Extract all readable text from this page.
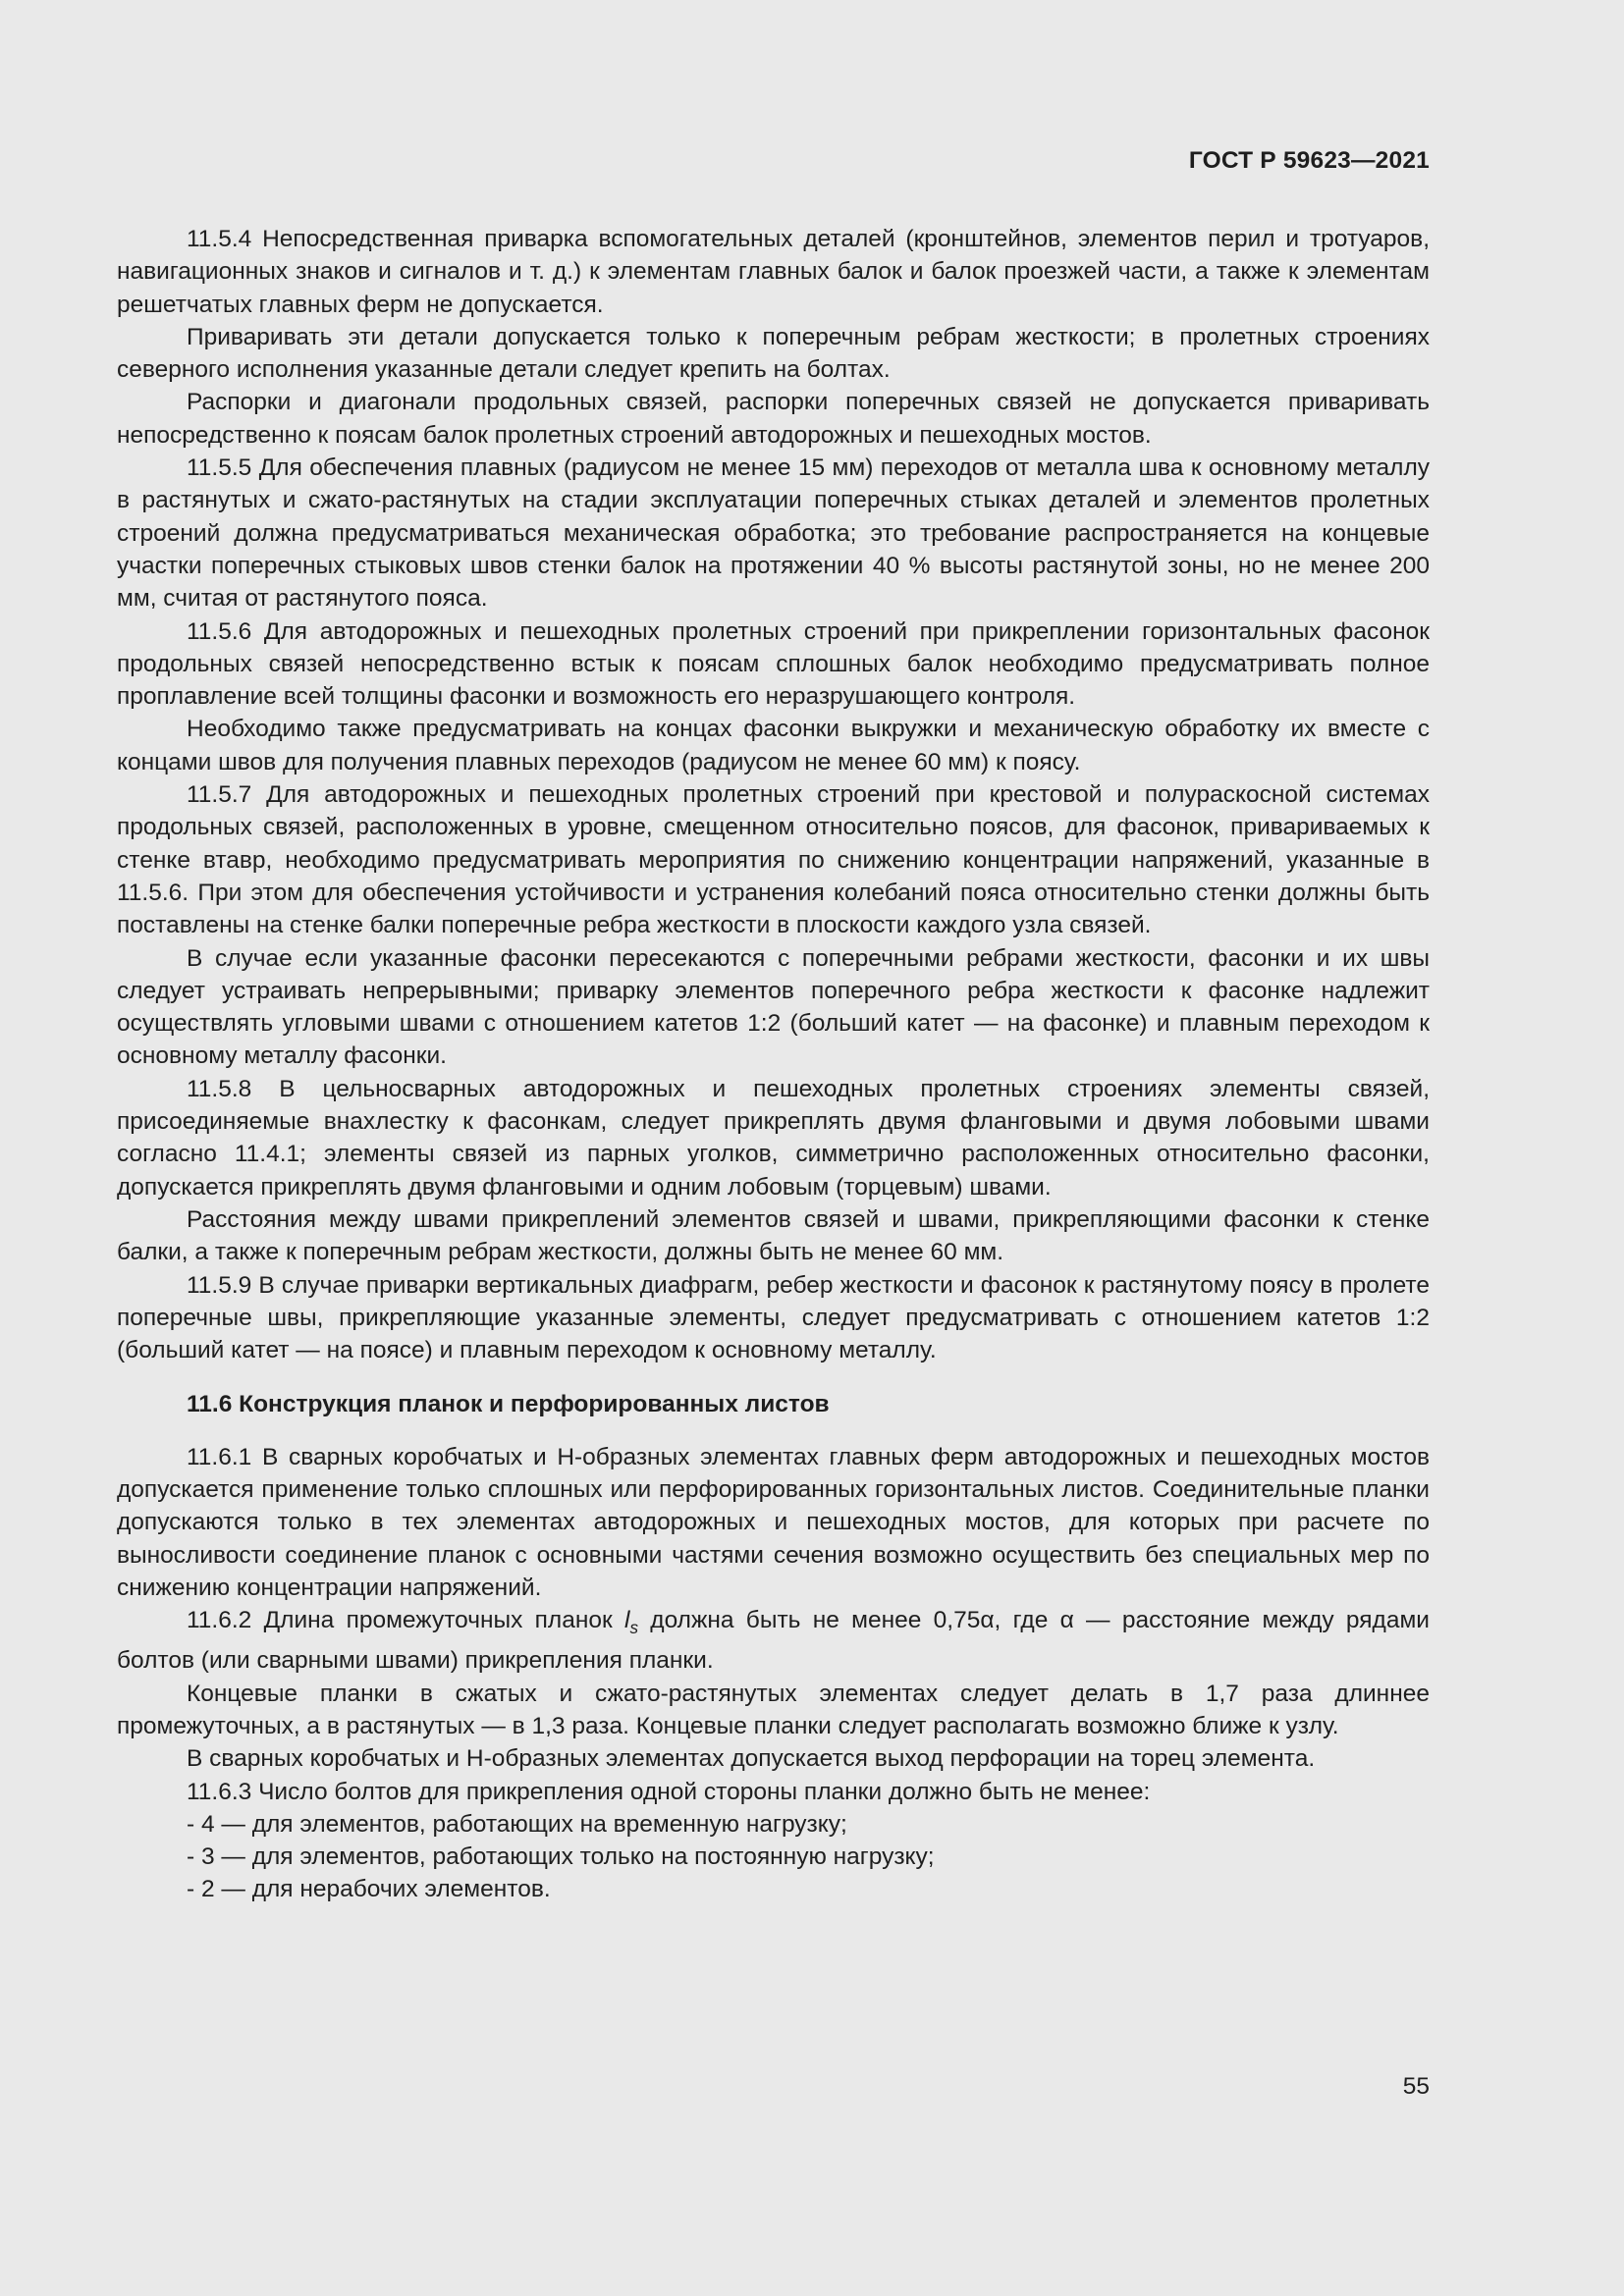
ГОСТ Р 59623—2021

11.5.4 Непосредственная приварка вспомогательных деталей (кронштейнов, элементов перил и тротуаров, навигационных знаков и сигналов и т. д.) к элементам главных балок и балок проезжей части, а также к элементам решетчатых главных ферм не допускается.

Приваривать эти детали допускается только к поперечным ребрам жесткости; в пролетных строениях северного исполнения указанные детали следует крепить на болтах.

Распорки и диагонали продольных связей, распорки поперечных связей не допускается приваривать непосредственно к поясам балок пролетных строений автодорожных и пешеходных мостов.

11.5.5 Для обеспечения плавных (радиусом не менее 15 мм) переходов от металла шва к основному металлу в растянутых и сжато-растянутых на стадии эксплуатации поперечных стыках деталей и элементов пролетных строений должна предусматриваться механическая обработка; это требование распространяется на концевые участки поперечных стыковых швов стенки балок на протяжении 40 % высоты растянутой зоны, но не менее 200 мм, считая от растянутого пояса.

11.5.6 Для автодорожных и пешеходных пролетных строений при прикреплении горизонтальных фасонок продольных связей непосредственно встык к поясам сплошных балок необходимо предусматривать полное проплавление всей толщины фасонки и возможность его неразрушающего контроля.

Необходимо также предусматривать на концах фасонки выкружки и механическую обработку их вместе с концами швов для получения плавных переходов (радиусом не менее 60 мм) к поясу.

11.5.7 Для автодорожных и пешеходных пролетных строений при крестовой и полураскосной системах продольных связей, расположенных в уровне, смещенном относительно поясов, для фасонок, привариваемых к стенке втавр, необходимо предусматривать мероприятия по снижению концентрации напряжений, указанные в 11.5.6. При этом для обеспечения устойчивости и устранения колебаний пояса относительно стенки должны быть поставлены на стенке балки поперечные ребра жесткости в плоскости каждого узла связей.

В случае если указанные фасонки пересекаются с поперечными ребрами жесткости, фасонки и их швы следует устраивать непрерывными; приварку элементов поперечного ребра жесткости к фасонке надлежит осуществлять угловыми швами с отношением катетов 1:2 (больший катет — на фасонке) и плавным переходом к основному металлу фасонки.

11.5.8 В цельносварных автодорожных и пешеходных пролетных строениях элементы связей, присоединяемые внахлестку к фасонкам, следует прикреплять двумя фланговыми и двумя лобовыми швами согласно 11.4.1; элементы связей из парных уголков, симметрично расположенных относительно фасонки, допускается прикреплять двумя фланговыми и одним лобовым (торцевым) швами.

Расстояния между швами прикреплений элементов связей и швами, прикрепляющими фасонки к стенке балки, а также к поперечным ребрам жесткости, должны быть не менее 60 мм.

11.5.9 В случае приварки вертикальных диафрагм, ребер жесткости и фасонок к растянутому поясу в пролете поперечные швы, прикрепляющие указанные элементы, следует предусматривать с отношением катетов 1:2 (больший катет — на поясе) и плавным переходом к основному металлу.

11.6 Конструкция планок и перфорированных листов

11.6.1 В сварных коробчатых и Н-образных элементах главных ферм автодорожных и пешеходных мостов допускается применение только сплошных или перфорированных горизонтальных листов. Соединительные планки допускаются только в тех элементах автодорожных и пешеходных мостов, для которых при расчете по выносливости соединение планок с основными частями сечения возможно осуществить без специальных мер по снижению концентрации напряжений.

11.6.2 Длина промежуточных планок $l_s$ должна быть не менее 0,75α, где α — расстояние между рядами болтов (или сварными швами) прикрепления планки.

Концевые планки в сжатых и сжато-растянутых элементах следует делать в 1,7 раза длиннее промежуточных, а в растянутых — в 1,3 раза. Концевые планки следует располагать возможно ближе к узлу.

В сварных коробчатых и Н-образных элементах допускается выход перфорации на торец элемента.

11.6.3 Число болтов для прикрепления одной стороны планки должно быть не менее:

- 4 — для элементов, работающих на временную нагрузку;

- 3 — для элементов, работающих только на постоянную нагрузку;

- 2 — для нерабочих элементов.

55
